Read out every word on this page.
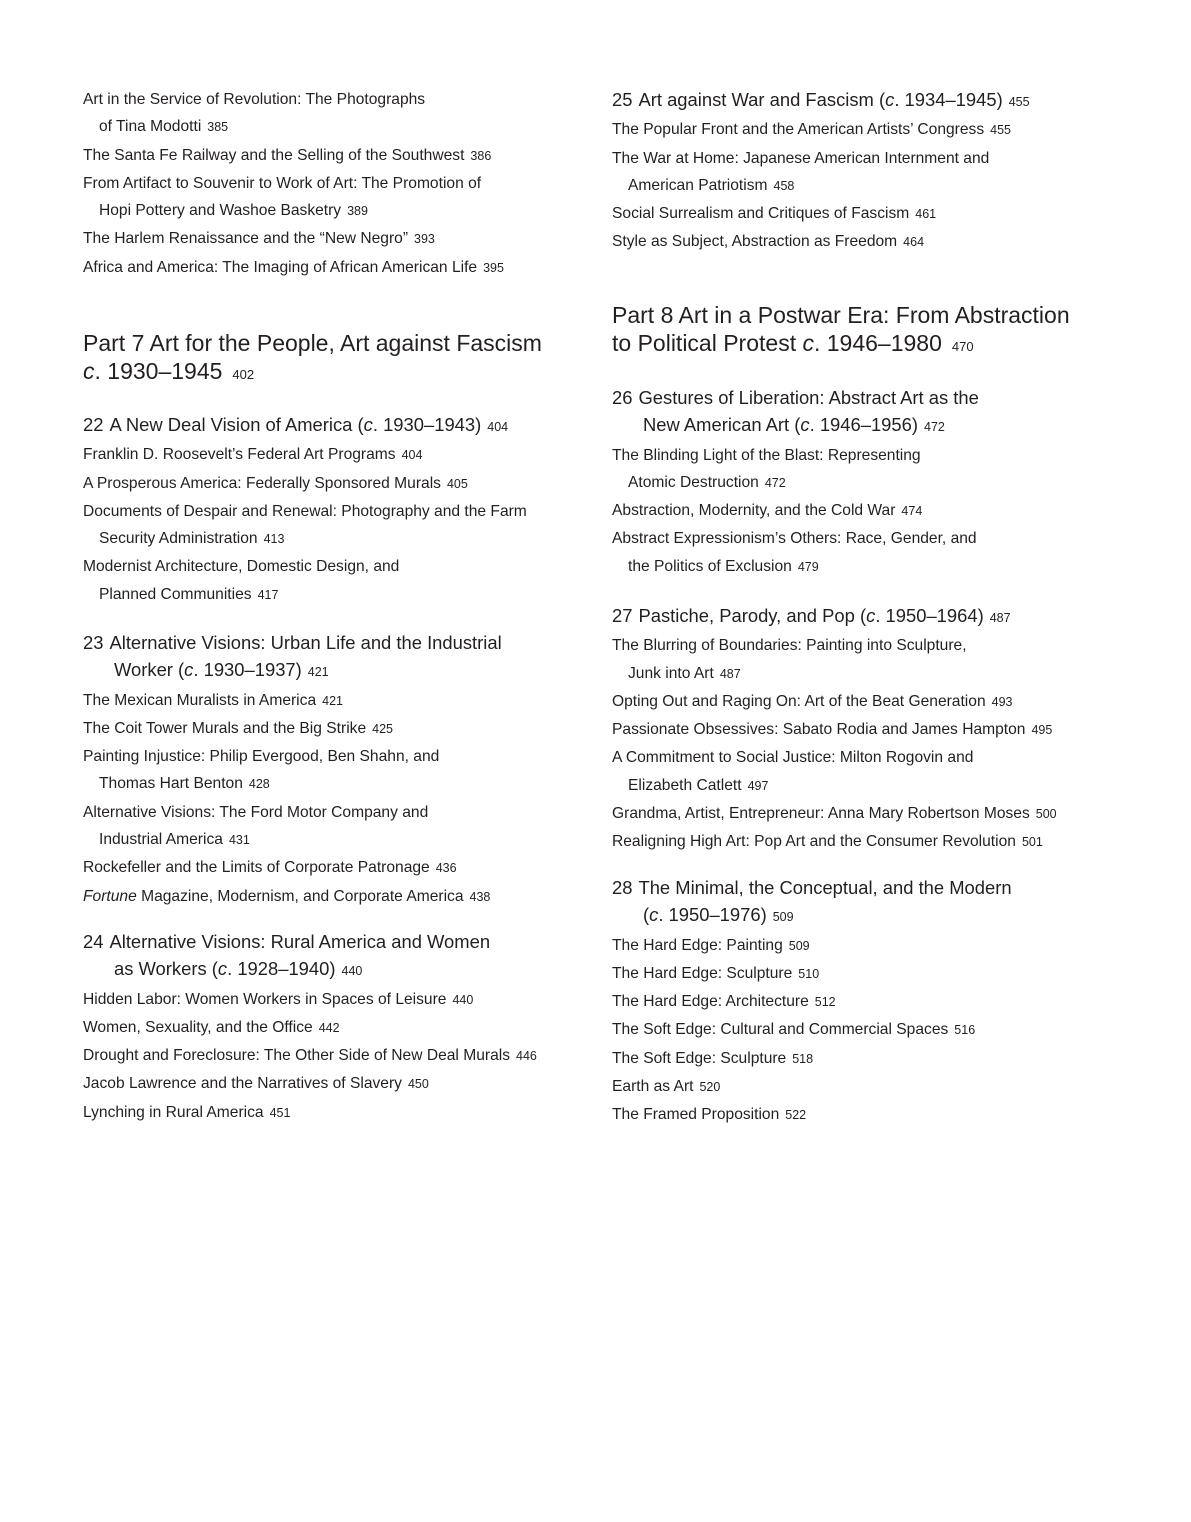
Art in the Service of Revolution: The Photographs
of Tina Modotti 385
The Santa Fe Railway and the Selling of the Southwest 386
From Artifact to Souvenir to Work of Art: The Promotion of
Hopi Pottery and Washoe Basketry 389
The Harlem Renaissance and the “New Negro” 393
Africa and America: The Imaging of African American Life 395
Part 7 Art for the People, Art against Fascism
c. 1930–1945 402
22 A New Deal Vision of America (c. 1930–1943) 404
Franklin D. Roosevelt’s Federal Art Programs 404
A Prosperous America: Federally Sponsored Murals 405
Documents of Despair and Renewal: Photography and the Farm
Security Administration 413
Modernist Architecture, Domestic Design, and
Planned Communities 417
23 Alternative Visions: Urban Life and the Industrial
Worker (c. 1930–1937) 421
The Mexican Muralists in America 421
The Coit Tower Murals and the Big Strike 425
Painting Injustice: Philip Evergood, Ben Shahn, and
Thomas Hart Benton 428
Alternative Visions: The Ford Motor Company and
Industrial America 431
Rockefeller and the Limits of Corporate Patronage 436
Fortune Magazine, Modernism, and Corporate America 438
24 Alternative Visions: Rural America and Women
as Workers (c. 1928–1940) 440
Hidden Labor: Women Workers in Spaces of Leisure 440
Women, Sexuality, and the Office 442
Drought and Foreclosure: The Other Side of New Deal Murals 446
Jacob Lawrence and the Narratives of Slavery 450
Lynching in Rural America 451
25 Art against War and Fascism (c. 1934–1945) 455
The Popular Front and the American Artists’ Congress 455
The War at Home: Japanese American Internment and
American Patriotism 458
Social Surrealism and Critiques of Fascism 461
Style as Subject, Abstraction as Freedom 464
Part 8 Art in a Postwar Era: From Abstraction
to Political Protest c. 1946–1980 470
26 Gestures of Liberation: Abstract Art as the
New American Art (c. 1946–1956) 472
The Blinding Light of the Blast: Representing
Atomic Destruction 472
Abstraction, Modernity, and the Cold War 474
Abstract Expressionism’s Others: Race, Gender, and
the Politics of Exclusion 479
27 Pastiche, Parody, and Pop (c. 1950–1964) 487
The Blurring of Boundaries: Painting into Sculpture,
Junk into Art 487
Opting Out and Raging On: Art of the Beat Generation 493
Passionate Obsessives: Sabato Rodia and James Hampton 495
A Commitment to Social Justice: Milton Rogovin and
Elizabeth Catlett 497
Grandma, Artist, Entrepreneur: Anna Mary Robertson Moses 500
Realigning High Art: Pop Art and the Consumer Revolution 501
28 The Minimal, the Conceptual, and the Modern
(c. 1950–1976) 509
The Hard Edge: Painting 509
The Hard Edge: Sculpture 510
The Hard Edge: Architecture 512
The Soft Edge: Cultural and Commercial Spaces 516
The Soft Edge: Sculpture 518
Earth as Art 520
The Framed Proposition 522
